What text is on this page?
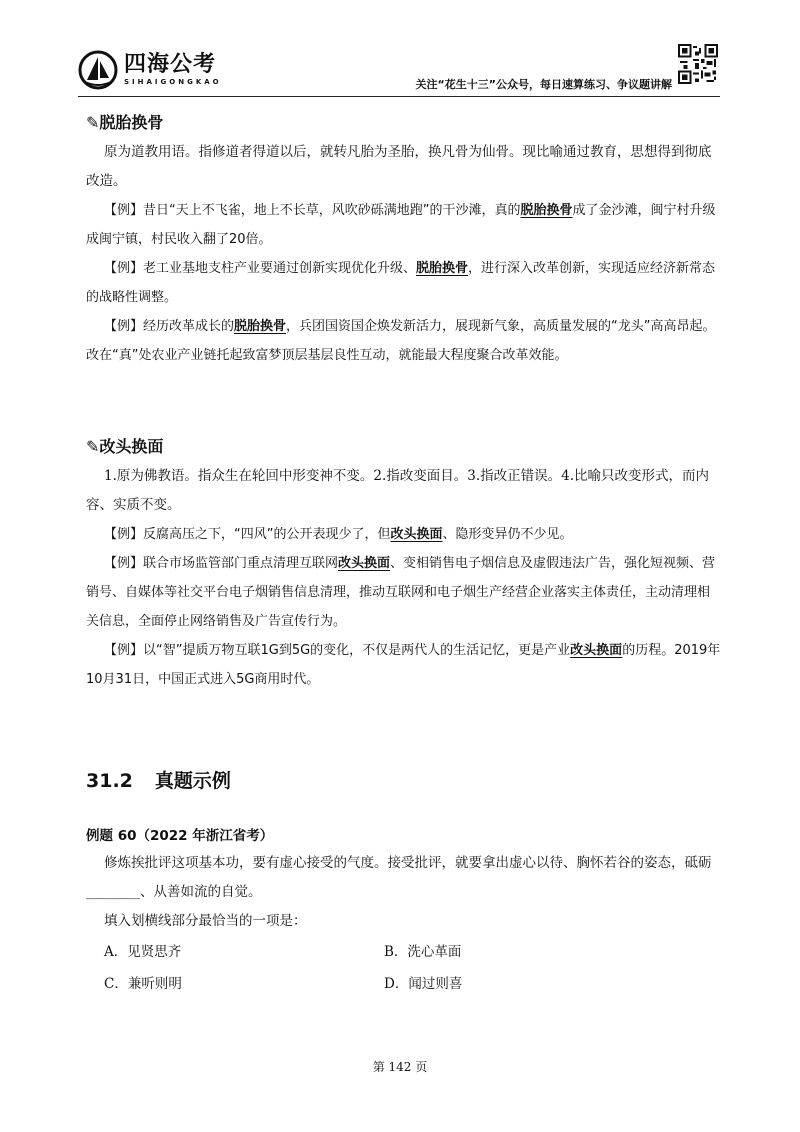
四海公考
SIHAIGONGKAO	关注“花生十三”公众号，每日速算练习、争议题讲解

✎脱胎换骨

原为道教用语。指修道者得道以后，就转凡胎为圣胎，换凡骨为仙骨。现比喻通过教育，思想得到彻底改造。

【例】昔日“天上不飞雀，地上不长草，风吹砂砾满地跑”的干沙滩，真的脱胎换骨成了金沙滩，闽宁村升级成闽宁镇，村民收入翻了20倍。

【例】老工业基地支柱产业要通过创新实现优化升级、脱胎换骨，进行深入改革创新，实现适应经济新常态的战略性调整。

【例】经历改革成长的脱胎换骨，兵团国资国企焕发新活力，展现新气象，高质量发展的“龙头”高高昂起。改在“真”处农业产业链托起致富梦顶层基层良性互动，就能最大程度聚合改革效能。

✎改头换面

1.原为佛教语。指众生在轮回中形变神不变。2.指改变面目。3.指改正错误。4.比喻只改变形式，而内容、实质不变。

【例】反腐高压之下，“四风”的公开表现少了，但改头换面、隐形变异仍不少见。

【例】联合市场监管部门重点清理互联网改头换面、变相销售电子烟信息及虚假违法广告，强化短视频、营销号、自媒体等社交平台电子烟销售信息清理，推动互联网和电子烟生产经营企业落实主体责任，主动清理相关信息，全面停止网络销售及广告宣传行为。

【例】以“智”提质万物互联1G到5G的变化，不仅是两代人的生活记忆，更是产业改头换面的历程。2019年10月31日，中国正式进入5G商用时代。

31.2 真题示例

例题 60（2022 年浙江省考）

修炼挨批评这项基本功，要有虚心接受的气度。接受批评，就要拿出虚心以待、胸怀若谷的姿态，砥砺________、从善如流的自觉。

填入划横线部分最恰当的一项是：

A．见贤思齐	B．洗心革面
C．兼听则明	D．闻过则喜
第 142 页
